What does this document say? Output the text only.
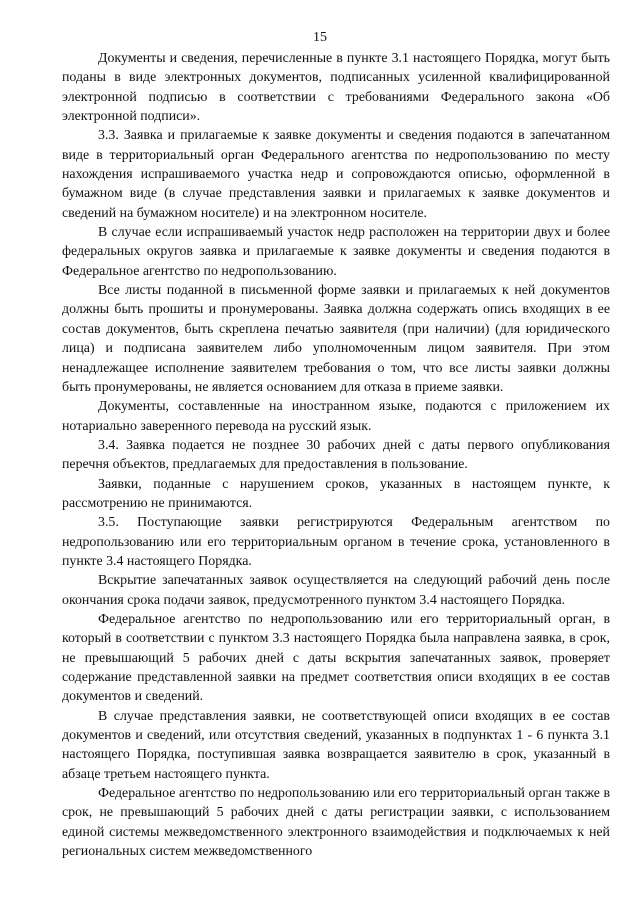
15

Документы и сведения, перечисленные в пункте 3.1 настоящего Порядка, могут быть поданы в виде электронных документов, подписанных усиленной квалифицированной электронной подписью в соответствии с требованиями Федерального закона «Об электронной подписи».

3.3. Заявка и прилагаемые к заявке документы и сведения подаются в запечатанном виде в территориальный орган Федерального агентства по недропользованию по месту нахождения испрашиваемого участка недр и сопровождаются описью, оформленной в бумажном виде (в случае представления заявки и прилагаемых к заявке документов и сведений на бумажном носителе) и на электронном носителе.

В случае если испрашиваемый участок недр расположен на территории двух и более федеральных округов заявка и прилагаемые к заявке документы и сведения подаются в Федеральное агентство по недропользованию.

Все листы поданной в письменной форме заявки и прилагаемых к ней документов должны быть прошиты и пронумерованы. Заявка должна содержать опись входящих в ее состав документов, быть скреплена печатью заявителя (при наличии) (для юридического лица) и подписана заявителем либо уполномоченным лицом заявителя. При этом ненадлежащее исполнение заявителем требования о том, что все листы заявки должны быть пронумерованы, не является основанием для отказа в приеме заявки.

Документы, составленные на иностранном языке, подаются с приложением их нотариально заверенного перевода на русский язык.

3.4. Заявка подается не позднее 30 рабочих дней с даты первого опубликования перечня объектов, предлагаемых для предоставления в пользование.

Заявки, поданные с нарушением сроков, указанных в настоящем пункте, к рассмотрению не принимаются.

3.5. Поступающие заявки регистрируются Федеральным агентством по недропользованию или его территориальным органом в течение срока, установленного в пункте 3.4 настоящего Порядка.

Вскрытие запечатанных заявок осуществляется на следующий рабочий день после окончания срока подачи заявок, предусмотренного пунктом 3.4 настоящего Порядка.

Федеральное агентство по недропользованию или его территориальный орган, в который в соответствии с пунктом 3.3 настоящего Порядка была направлена заявка, в срок, не превышающий 5 рабочих дней с даты вскрытия запечатанных заявок, проверяет содержание представленной заявки на предмет соответствия описи входящих в ее состав документов и сведений.

В случае представления заявки, не соответствующей описи входящих в ее состав документов и сведений, или отсутствия сведений, указанных в подпунктах 1 - 6 пункта 3.1 настоящего Порядка, поступившая заявка возвращается заявителю в срок, указанный в абзаце третьем настоящего пункта.

Федеральное агентство по недропользованию или его территориальный орган также в срок, не превышающий 5 рабочих дней с даты регистрации заявки, с использованием единой системы межведомственного электронного взаимодействия и подключаемых к ней региональных систем межведомственного
